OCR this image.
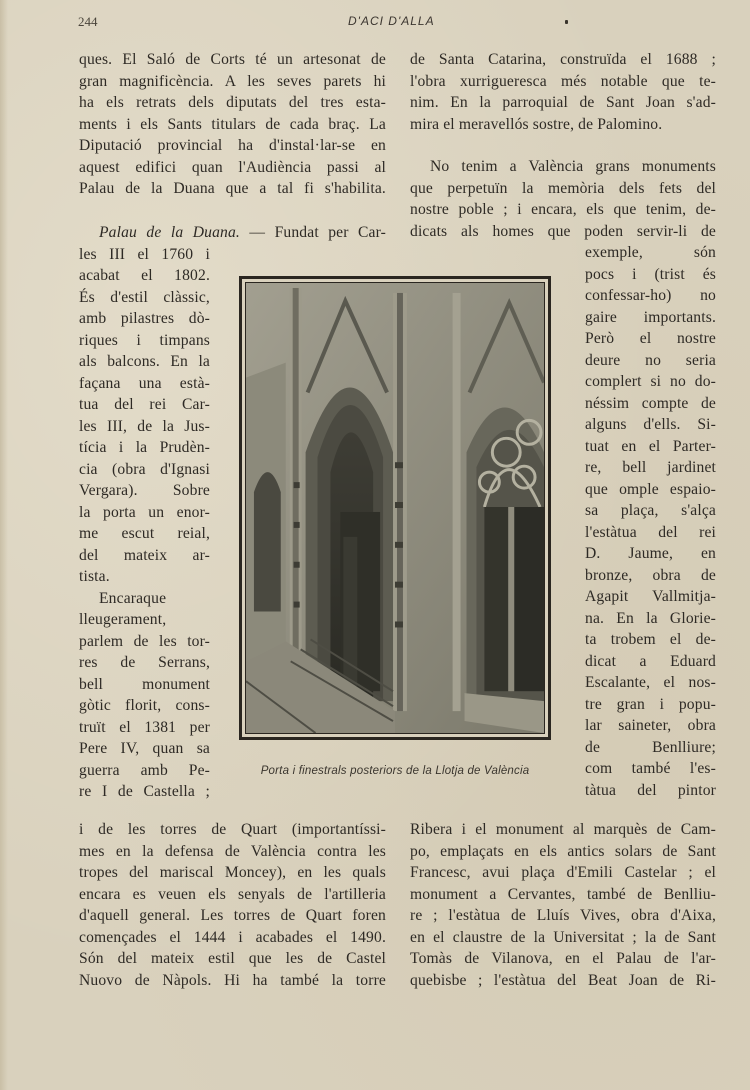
244	D'ACI D'ALLA
ques. El Saló de Corts té un artesonat de
gran magnificència. A les seves parets hi
ha els retrats dels diputats del tres esta-
ments i els Sants titulars de cada braç. La
Diputació provincial ha d'instal·lar-se en
aquest edifici quan l'Audiència passi al
Palau de la Duana que a tal fi s'habilita.
Palau de la Duana. — Fundat per Car-
les III el 1760 i
acabat el 1802.
És d'estil clàssic,
amb pilastres dò-
riques i timpans
als balcons. En la
façana una està-
tua del rei Car-
les III, de la Jus-
tícia i la Prudèn-
cia (obra d'Ignasi
Vergara). Sobre
la porta un enor-
me escut reial,
del mateix ar-
tista.
Encaraque
lleugerament,
parlem de les tor-
res de Serrans,
bell monument
gòtic florit, cons-
truït el 1381 per
Pere IV, quan sa
guerra amb Pe-
re I de Castella ;
Porta i finestrals posteriors de la Llotja de València
de Santa Catarina, construïda el 1688 ;
l'obra xurrigueresca més notable que te-
nim. En la parroquial de Sant Joan s'ad-
mira el meravellós sostre, de Palomino.
No tenim a València grans monuments
que perpetuïn la memòria dels fets del
nostre poble ; i encara, els que tenim, de-
dicats als homes que poden servir-li de
exemple, són
pocs i (trist és
confessar-ho) no
gaire importants.
Però el nostre
deure no seria
complert si no do-
néssim compte de
alguns d'ells. Si-
tuat en el Parter-
re, bell jardinet
que omple espaio-
sa plaça, s'alça
l'estàtua del rei
D. Jaume, en
bronze, obra de
Agapit Vallmitja-
na. En la Glorie-
ta trobem el de-
dicat a Eduard
Escalante, el nos-
tre gran i popu-
lar saineter, obra
de Benlliure;
com també l'es-
tàtua del pintor
i de les torres de Quart (importantíssi-
mes en la defensa de València contra les
tropes del mariscal Moncey), en les quals
encara es veuen els senyals de l'artilleria
d'aquell general. Les torres de Quart foren
començades el 1444 i acabades el 1490.
Són del mateix estil que les de Castel
Nuovo de Nàpols. Hi ha també la torre
Ribera i el monument al marquès de Cam-
po, emplaçats en els antics solars de Sant
Francesc, avui plaça d'Emili Castelar ; el
monument a Cervantes, també de Benlliu-
re ; l'estàtua de Lluís Vives, obra d'Aixa,
en el claustre de la Universitat ; la de Sant
Tomàs de Vilanova, en el Palau de l'ar-
quebisbe ; l'estàtua del Beat Joan de Ri-
